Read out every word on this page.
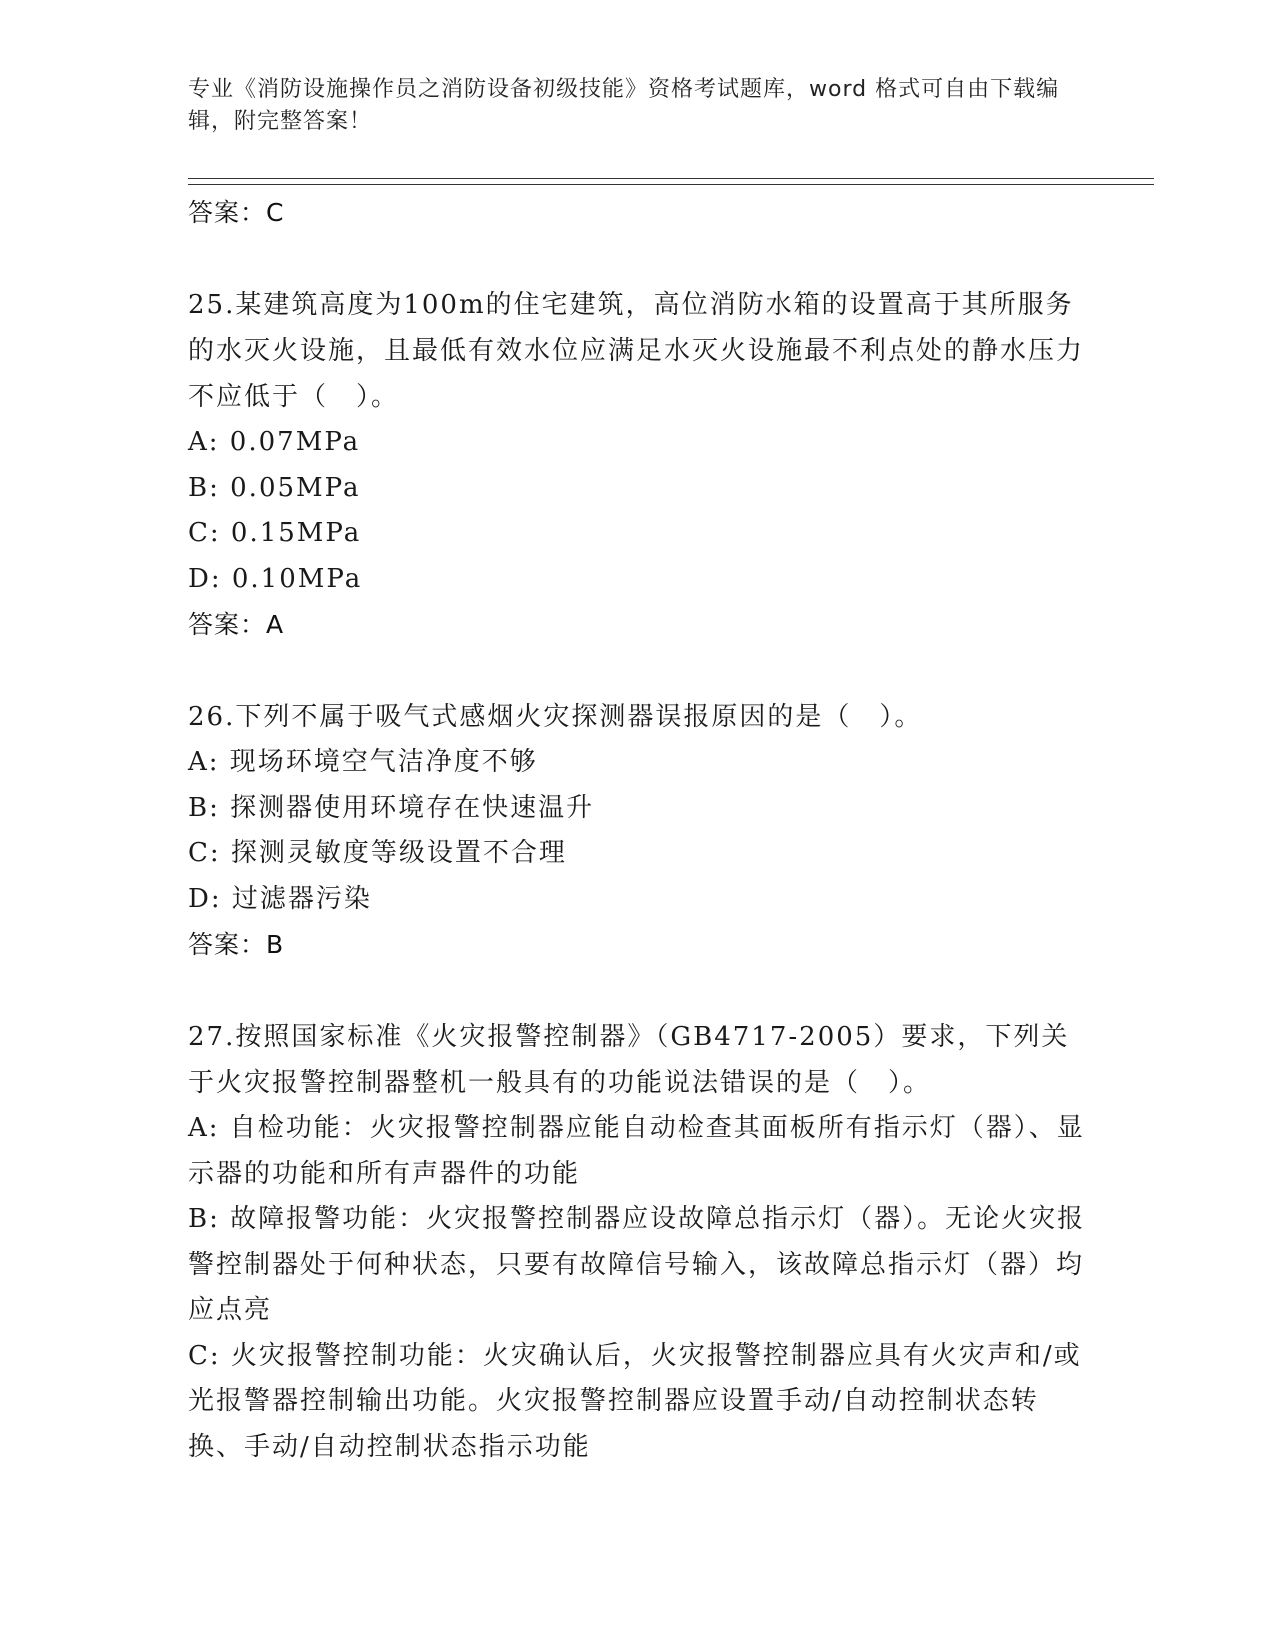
专业《消防设施操作员之消防设备初级技能》资格考试题库，word 格式可自由下载编辑，附完整答案！
答案：C
25.某建筑高度为100m的住宅建筑，高位消防水箱的设置高于其所服务的水灭火设施，且最低有效水位应满足水灭火设施最不利点处的静水压力不应低于（　）。
A: 0.07MPa
B: 0.05MPa
C: 0.15MPa
D: 0.10MPa
答案：A
26.下列不属于吸气式感烟火灾探测器误报原因的是（　）。
A: 现场环境空气洁净度不够
B: 探测器使用环境存在快速温升
C: 探测灵敏度等级设置不合理
D: 过滤器污染
答案：B
27.按照国家标准《火灾报警控制器》（GB4717-2005）要求，下列关于火灾报警控制器整机一般具有的功能说法错误的是（　）。
A: 自检功能：火灾报警控制器应能自动检查其面板所有指示灯（器）、显示器的功能和所有声器件的功能
B: 故障报警功能：火灾报警控制器应设故障总指示灯（器）。无论火灾报警控制器处于何种状态，只要有故障信号输入，该故障总指示灯（器）均应点亮
C: 火灾报警控制功能：火灾确认后，火灾报警控制器应具有火灾声和/或光报警器控制输出功能。火灾报警控制器应设置手动/自动控制状态转换、手动/自动控制状态指示功能
